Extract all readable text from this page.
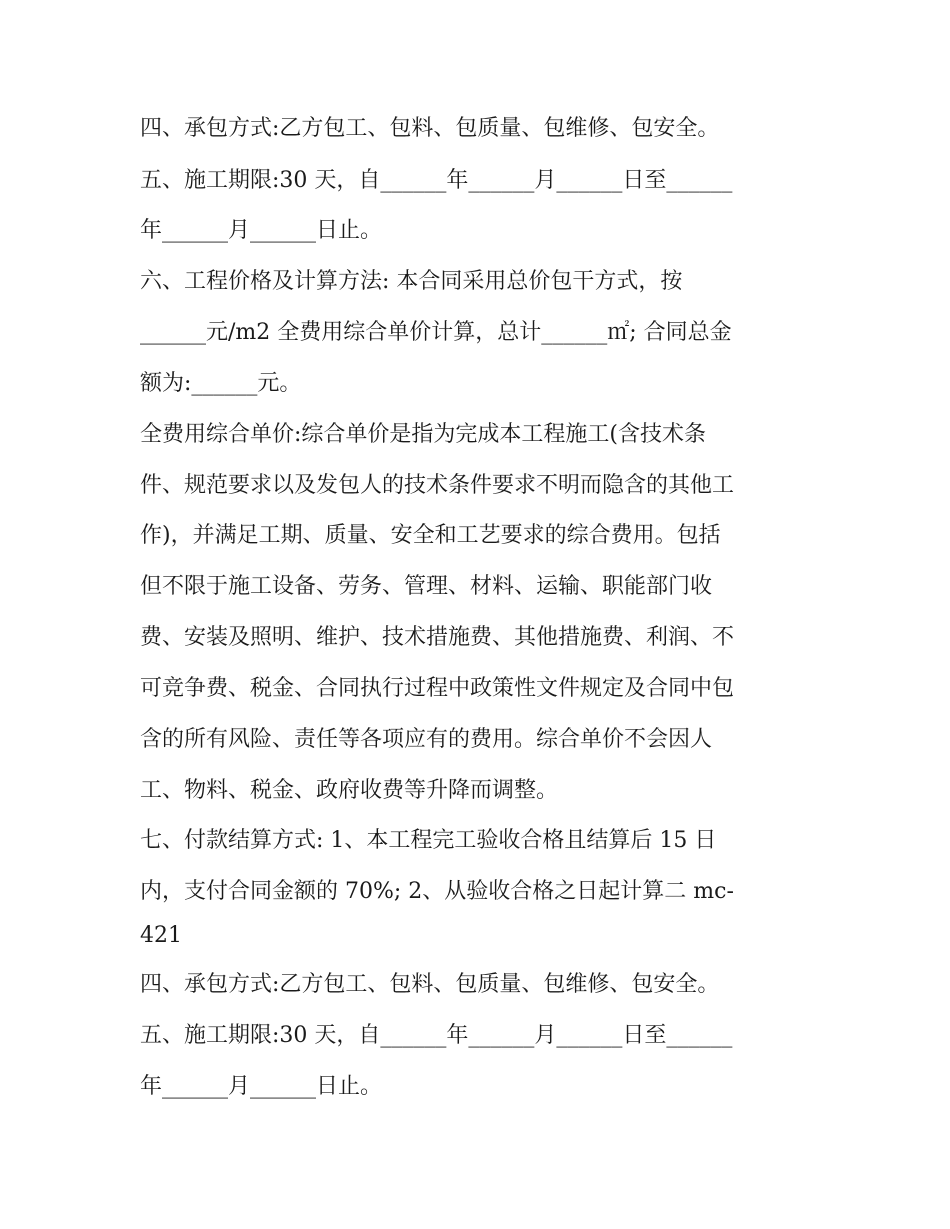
四、承包方式:乙方包工、包料、包质量、包维修、包安全。
五、施工期限:30 天，自______年______月______日至______
年______月______日止。
六、工程价格及计算方法: 本合同采用总价包干方式，按
______元/m2 全费用综合单价计算，总计______㎡; 合同总金
额为:______元。
全费用综合单价:综合单价是指为完成本工程施工(含技术条
件、规范要求以及发包人的技术条件要求不明而隐含的其他工
作)，并满足工期、质量、安全和工艺要求的综合费用。包括
但不限于施工设备、劳务、管理、材料、运输、职能部门收
费、安装及照明、维护、技术措施费、其他措施费、利润、不
可竞争费、税金、合同执行过程中政策性文件规定及合同中包
含的所有风险、责任等各项应有的费用。综合单价不会因人
工、物料、税金、政府收费等升降而调整。
七、付款结算方式: 1、本工程完工验收合格且结算后 15 日
内，支付合同金额的 70%; 2、从验收合格之日起计算二 mc-
421
四、承包方式:乙方包工、包料、包质量、包维修、包安全。
五、施工期限:30 天，自______年______月______日至______
年______月______日止。
